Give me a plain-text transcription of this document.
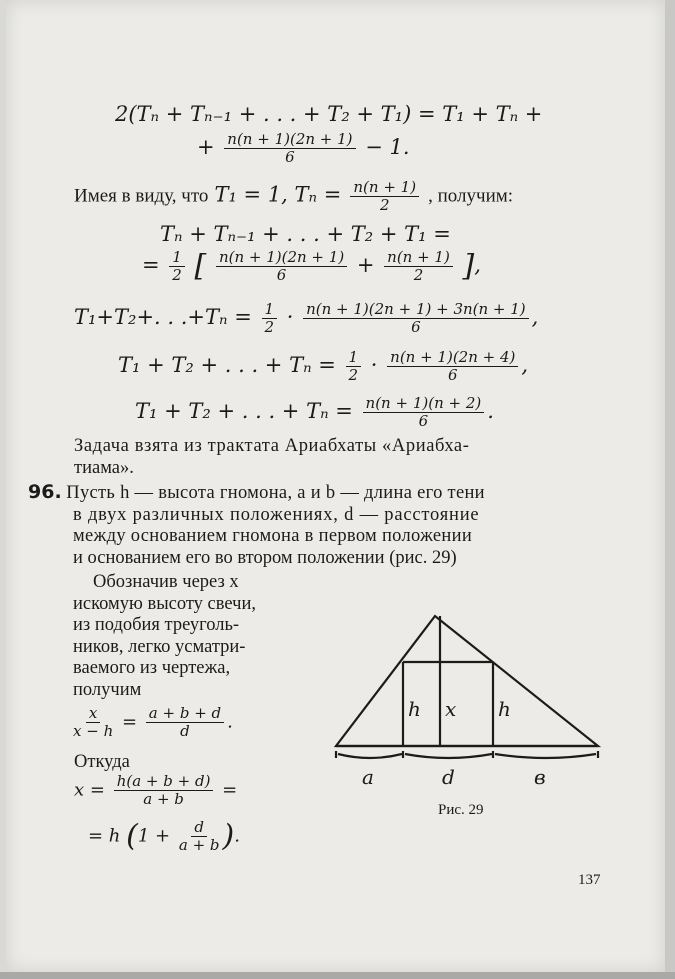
2(Tₙ + Tₙ₋₁ + . . . + T₂ + T₁) = T₁ + Tₙ +
+ $\frac{n(n + 1)(2n + 1)}{6} - 1$.
Имея в виду, что T₁ = 1, $T_n = \frac{n(n + 1)}{2}$ , получим:
Tₙ + Tₙ₋₁ + . . . + T₂ + T₁ =
= $\frac{1}{2}$ [ $\frac{n(n + 1)(2n + 1)}{6} + \frac{n(n + 1)}{2}$ ],
T₁+T₂+. . $.+T_n = \frac{1}{2} \cdot \frac{n(n + 1)(2n + 1) + 3n(n + 1)}{6}$ ,
T₁ + T₂ + . . . + $T_n = \frac{1}{2} \cdot \frac{n(n + 1)(2n + 4)}{6}$ ,
T₁ + T₂ + . . . + $T_n = \frac{n(n + 1)(n + 2)}{6}$ .
Задача взята из трактата Ариабхаты «Ариабха-
тиама».
96. Пусть h — высота гномона, a и b — длина его тени
в двух различных положениях, d — расстояние
между основанием гномона в первом положении
и основанием его во втором положении (рис. 29)
Обозначив через x
искомую высоту свечи,
из подобия треуголь-
ников, легко усматри-
ваемого из чертежа,
получим
$\frac{x}{x - h} = \frac{a + b + d}{d}$ .
Откуда
$x = \frac{h(a + b + d)}{a + b}$ =
= h ($1 + \frac{d}{a + b}$ ).
h x h
a	d	в
Рис. 29
137
